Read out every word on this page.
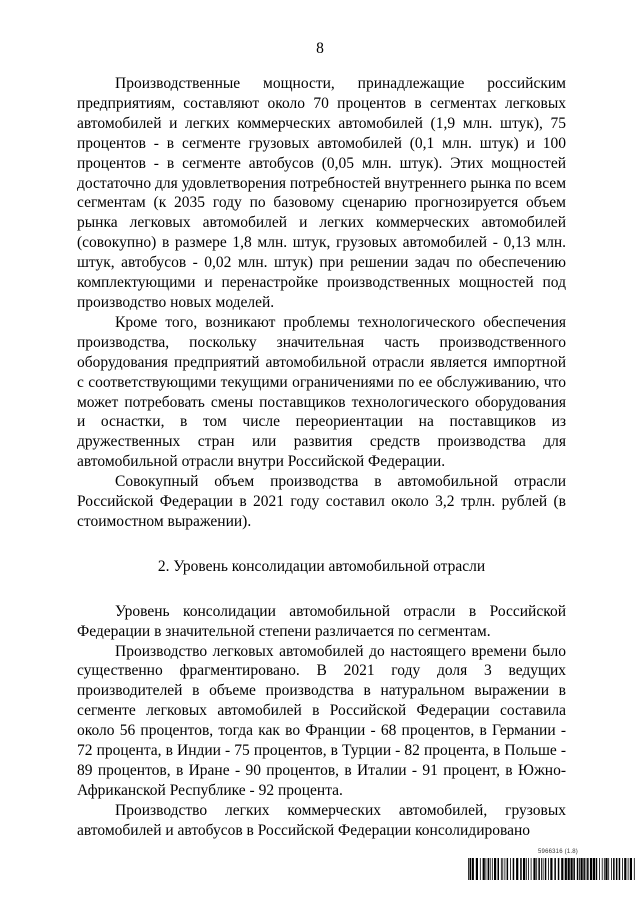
8

Производственные мощности, принадлежащие российским предприятиям, составляют около 70 процентов в сегментах легковых автомобилей и легких коммерческих автомобилей (1,9 млн. штук), 75 процентов - в сегменте грузовых автомобилей (0,1 млн. штук) и 100 процентов - в сегменте автобусов (0,05 млн. штук). Этих мощностей достаточно для удовлетворения потребностей внутреннего рынка по всем сегментам (к 2035 году по базовому сценарию прогнозируется объем рынка легковых автомобилей и легких коммерческих автомобилей (совокупно) в размере 1,8 млн. штук, грузовых автомобилей - 0,13 млн. штук, автобусов - 0,02 млн. штук) при решении задач по обеспечению комплектующими и перенастройке производственных мощностей под производство новых моделей.

Кроме того, возникают проблемы технологического обеспечения производства, поскольку значительная часть производственного оборудования предприятий автомобильной отрасли является импортной с соответствующими текущими ограничениями по ее обслуживанию, что может потребовать смены поставщиков технологического оборудования и оснастки, в том числе переориентации на поставщиков из дружественных стран или развития средств производства для автомобильной отрасли внутри Российской Федерации.

Совокупный объем производства в автомобильной отрасли Российской Федерации в 2021 году составил около 3,2 трлн. рублей (в стоимостном выражении).

2. Уровень консолидации автомобильной отрасли

Уровень консолидации автомобильной отрасли в Российской Федерации в значительной степени различается по сегментам.

Производство легковых автомобилей до настоящего времени было существенно фрагментировано. В 2021 году доля 3 ведущих производителей в объеме производства в натуральном выражении в сегменте легковых автомобилей в Российской Федерации составила около 56 процентов, тогда как во Франции - 68 процентов, в Германии - 72 процента, в Индии - 75 процентов, в Турции - 82 процента, в Польше - 89 процентов, в Иране - 90 процентов, в Италии - 91 процент, в Южно-Африканской Республике - 92 процента.

Производство легких коммерческих автомобилей, грузовых автомобилей и автобусов в Российской Федерации консолидировано

5966316 (1.8)
